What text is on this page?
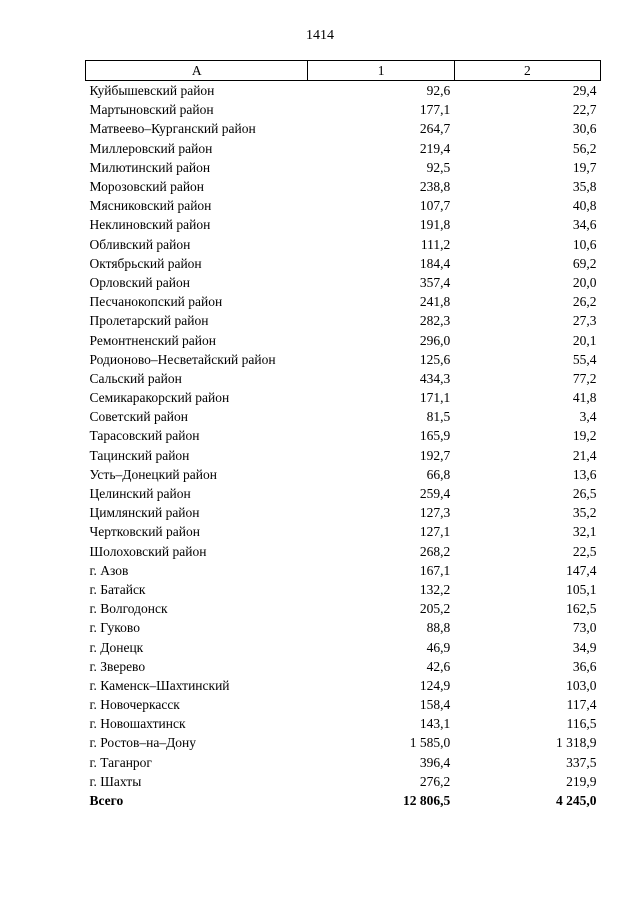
1414
А	1	2
Куйбышевский район	92,6	29,4
Мартыновский район	177,1	22,7
Матвеево–Курганский район	264,7	30,6
Миллеровский район	219,4	56,2
Милютинский район	92,5	19,7
Морозовский район	238,8	35,8
Мясниковский район	107,7	40,8
Неклиновский район	191,8	34,6
Обливский район	111,2	10,6
Октябрьский район	184,4	69,2
Орловский район	357,4	20,0
Песчанокопский район	241,8	26,2
Пролетарский район	282,3	27,3
Ремонтненский район	296,0	20,1
Родионово–Несветайский район	125,6	55,4
Сальский район	434,3	77,2
Семикаракорский район	171,1	41,8
Советский район	81,5	3,4
Тарасовский район	165,9	19,2
Тацинский район	192,7	21,4
Усть–Донецкий район	66,8	13,6
Целинский район	259,4	26,5
Цимлянский район	127,3	35,2
Чертковский район	127,1	32,1
Шолоховский район	268,2	22,5
г. Азов	167,1	147,4
г. Батайск	132,2	105,1
г. Волгодонск	205,2	162,5
г. Гуково	88,8	73,0
г. Донецк	46,9	34,9
г. Зверево	42,6	36,6
г. Каменск–Шахтинский	124,9	103,0
г. Новочеркасск	158,4	117,4
г. Новошахтинск	143,1	116,5
г. Ростов–на–Дону	1 585,0	1 318,9
г. Таганрог	396,4	337,5
г. Шахты	276,2	219,9
Всего	12 806,5	4 245,0
